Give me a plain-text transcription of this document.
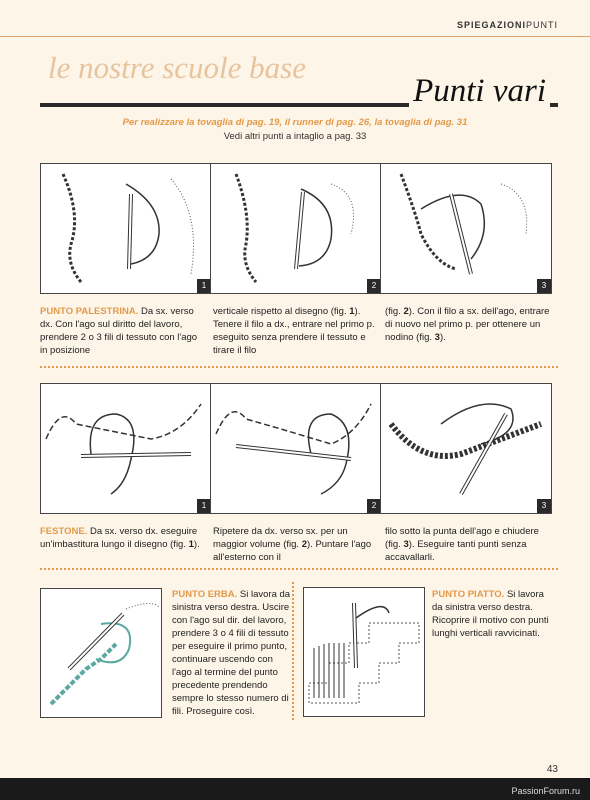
SPIEGAZIONIPUNTI
le nostre scuole base
Punti vari
Per realizzare la tovaglia di pag. 19, il runner di pag. 26, la tovaglia di pag. 31
Vedi altri punti a intaglio a pag. 33
1	2	3
PUNTO PALESTRINA. Da sx. verso dx. Con l'ago sul diritto del lavoro, prendere 2 o 3 fili di tessuto con l'ago in posizione
verticale rispetto al disegno (fig. 1). Tenere il filo a dx., entrare nel primo p. eseguito senza prendere il tessuto e tirare il filo
(fig. 2). Con il filo a sx. dell'ago, entrare di nuovo nel primo p. per ottenere un nodino (fig. 3).
1	2	3
FESTONE. Da sx. verso dx. eseguire un'imbastitura lungo il disegno (fig. 1).
Ripetere da dx. verso sx. per un maggior volume (fig. 2). Puntare l'ago all'esterno con il
filo sotto la punta dell'ago e chiudere (fig. 3). Eseguire tanti punti senza accavallarli.
PUNTO ERBA. Si lavora da sinistra verso destra. Uscire con l'ago sul dir. del lavoro, prendere 3 o 4 fili di tessuto per eseguire il primo punto, continuare uscendo con l'ago al termine del punto precedente prendendo sempre lo stesso numero di fili. Proseguire così.
PUNTO PIATTO. Si lavora da sinistra verso destra. Ricoprire il motivo con punti lunghi verticali ravvicinati.
43
PassionForum.ru
